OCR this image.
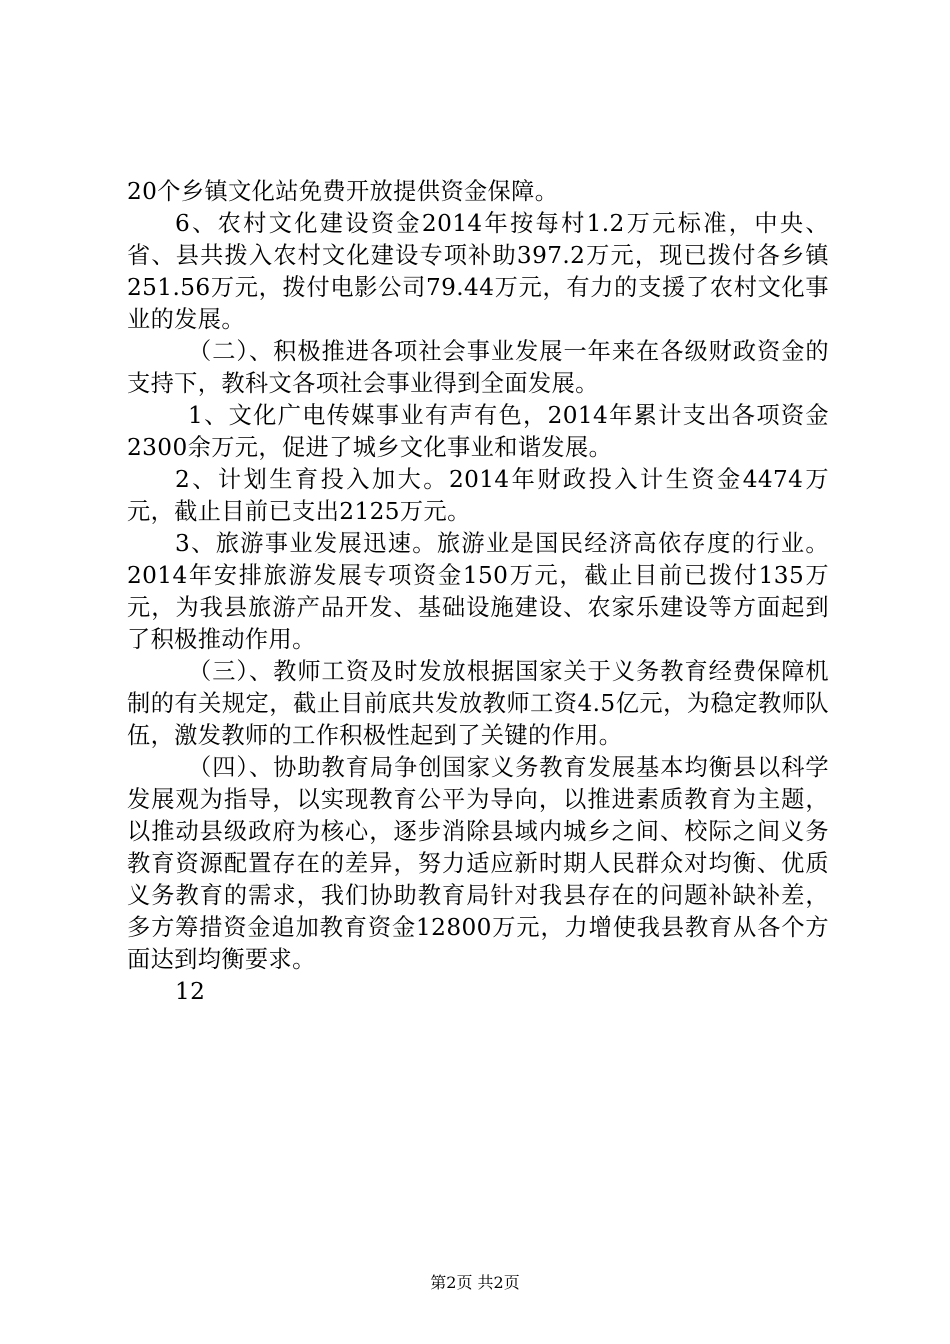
20个乡镇文化站免费开放提供资金保障。

6、农村文化建设资金2014年按每村1.2万元标准，中央、省、县共拨入农村文化建设专项补助397.2万元，现已拨付各乡镇251.56万元，拨付电影公司79.44万元，有力的支援了农村文化事业的发展。

（二）、积极推进各项社会事业发展一年来在各级财政资金的支持下，教科文各项社会事业得到全面发展。

1、文化广电传媒事业有声有色，2014年累计支出各项资金2300余万元，促进了城乡文化事业和谐发展。

2、计划生育投入加大。2014年财政投入计生资金4474万元，截止目前已支出2125万元。

3、旅游事业发展迅速。旅游业是国民经济高依存度的行业。2014年安排旅游发展专项资金150万元，截止目前已拨付135万元，为我县旅游产品开发、基础设施建设、农家乐建设等方面起到了积极推动作用。

（三）、教师工资及时发放根据国家关于义务教育经费保障机制的有关规定，截止目前底共发放教师工资4.5亿元，为稳定教师队伍，激发教师的工作积极性起到了关键的作用。

（四）、协助教育局争创国家义务教育发展基本均衡县以科学发展观为指导，以实现教育公平为导向，以推进素质教育为主题，以推动县级政府为核心，逐步消除县域内城乡之间、校际之间义务教育资源配置存在的差异，努力适应新时期人民群众对均衡、优质义务教育的需求，我们协助教育局针对我县存在的问题补缺补差，多方筹措资金追加教育资金12800万元，力增使我县教育从各个方面达到均衡要求。

12

第2页 共2页
